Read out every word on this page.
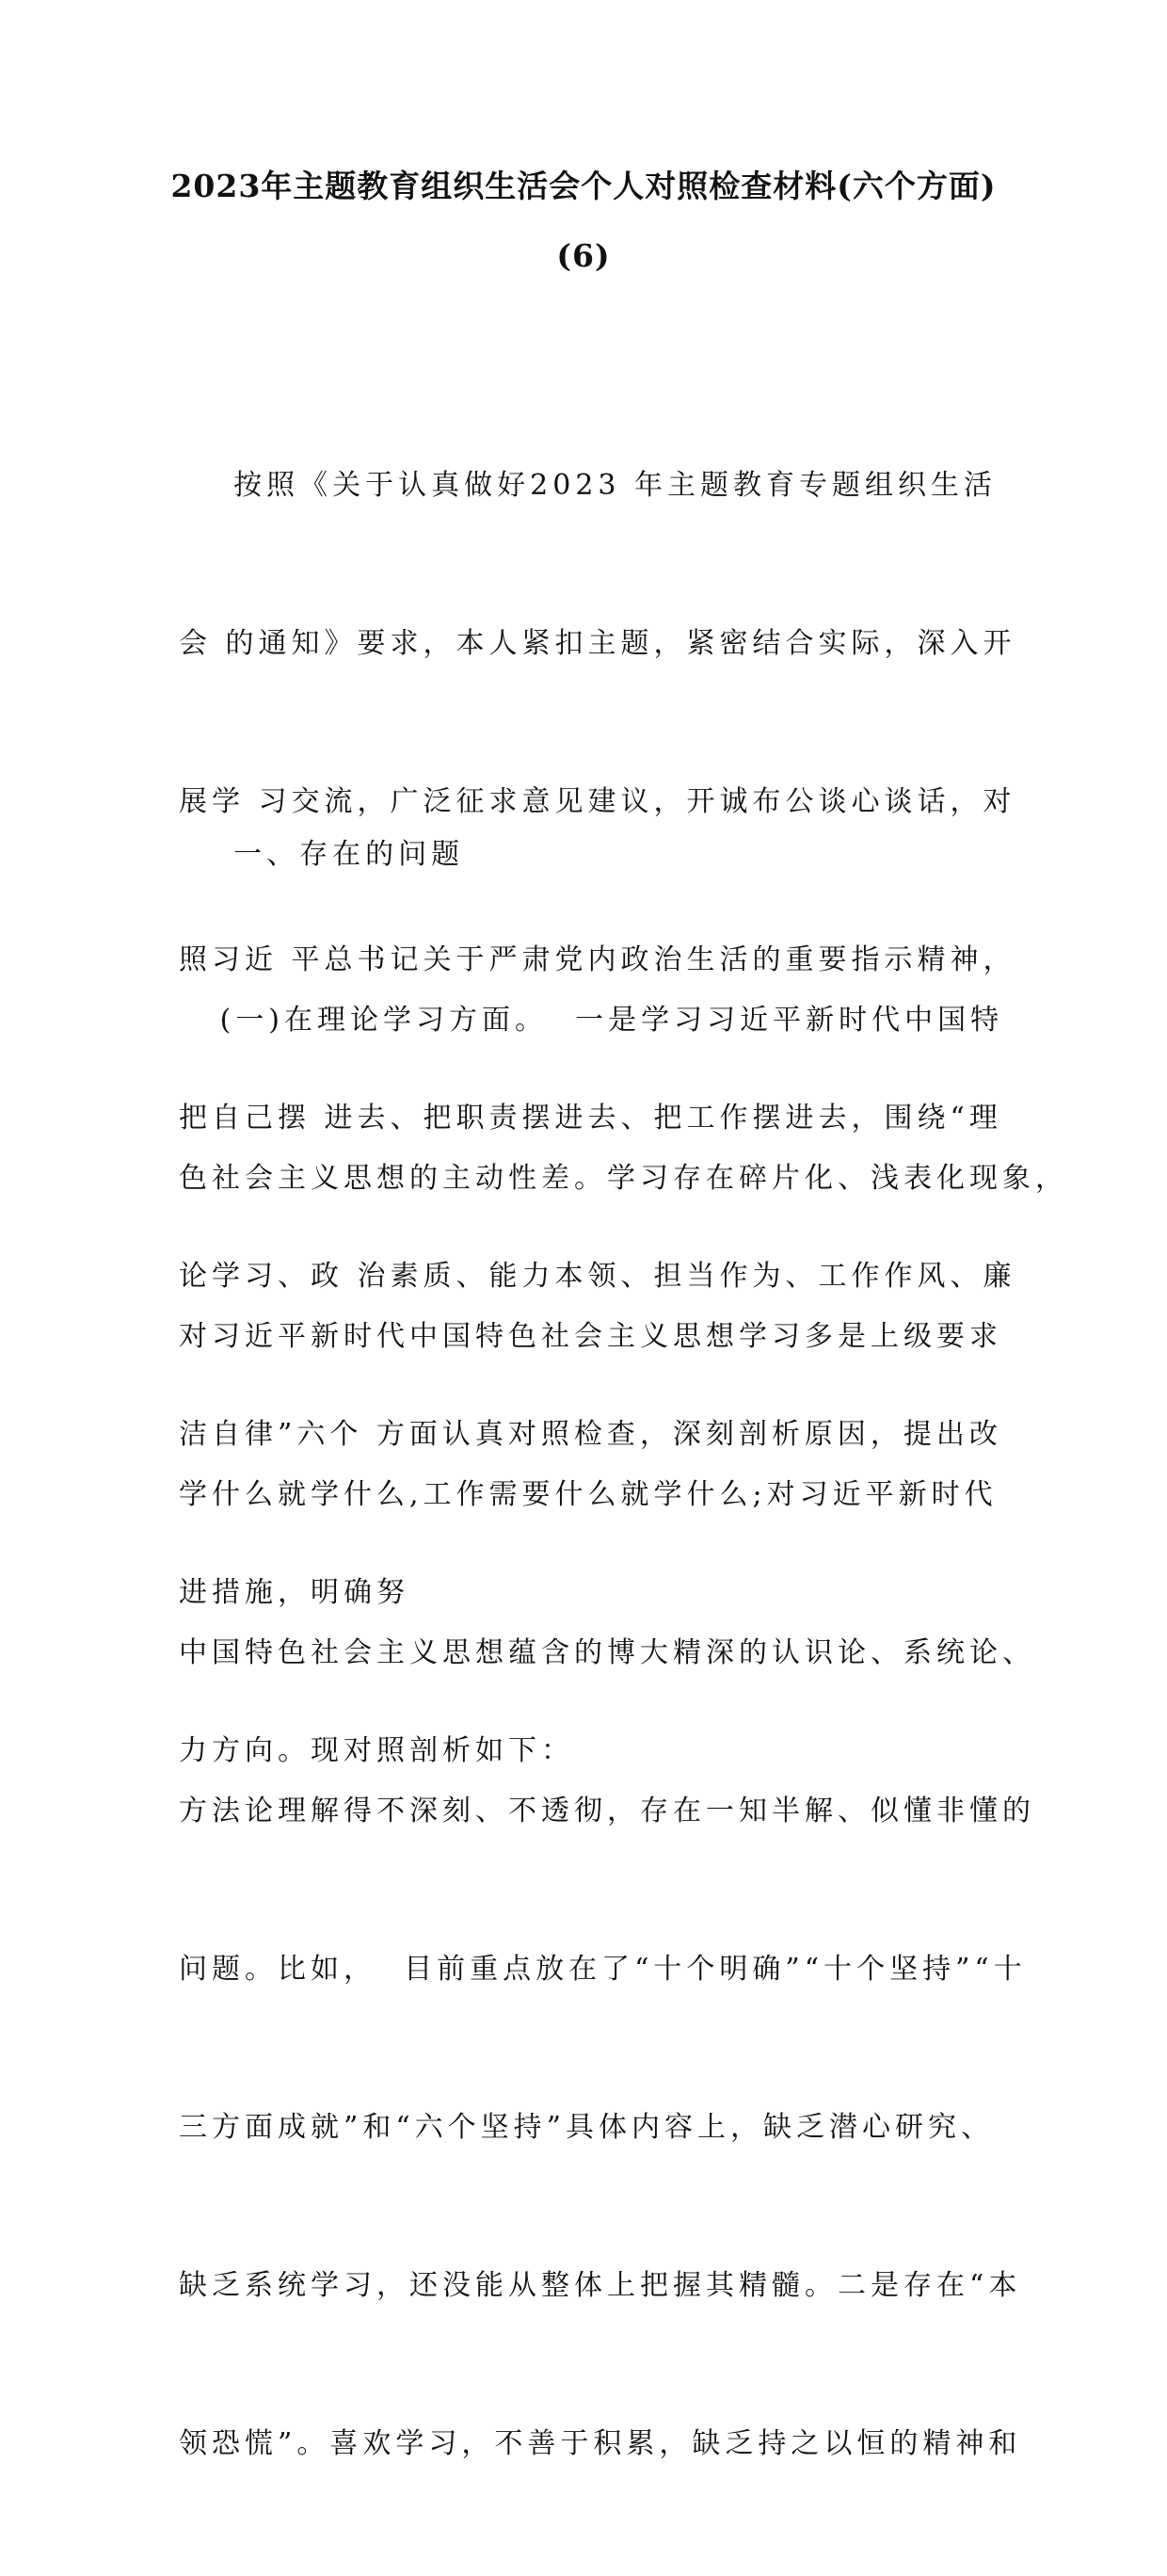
2023年主题教育组织生活会个人对照检查材料(六个方面)
(6)

按照《关于认真做好2023 年主题教育专题组织生活

会 的通知》要求，本人紧扣主题，紧密结合实际，深入开

展学 习交流，广泛征求意见建议，开诚布公谈心谈话，对

照习近 平总书记关于严肃党内政治生活的重要指示精神，

把自己摆 进去、把职责摆进去、把工作摆进去，围绕“理

论学习、政 治素质、能力本领、担当作为、工作作风、廉

洁自律”六个 方面认真对照检查，深刻剖析原因，提出改

进措施，明确努

力方向。现对照剖析如下：

一、存在的问题

(一)在理论学习方面。  一是学习习近平新时代中国特

色社会主义思想的主动性差。学习存在碎片化、浅表化现象，

对习近平新时代中国特色社会主义思想学习多是上级要求

学什么就学什么,工作需要什么就学什么;对习近平新时代

中国特色社会主义思想蕴含的博大精深的认识论、系统论、

方法论理解得不深刻、不透彻，存在一知半解、似懂非懂的

问题。比如，  目前重点放在了“十个明确”“十个坚持”“十

三方面成就”和“六个坚持”具体内容上，缺乏潜心研究、

缺乏系统学习，还没能从整体上把握其精髓。二是存在“本

领恐慌”。喜欢学习，不善于积累，缺乏持之以恒的精神和
